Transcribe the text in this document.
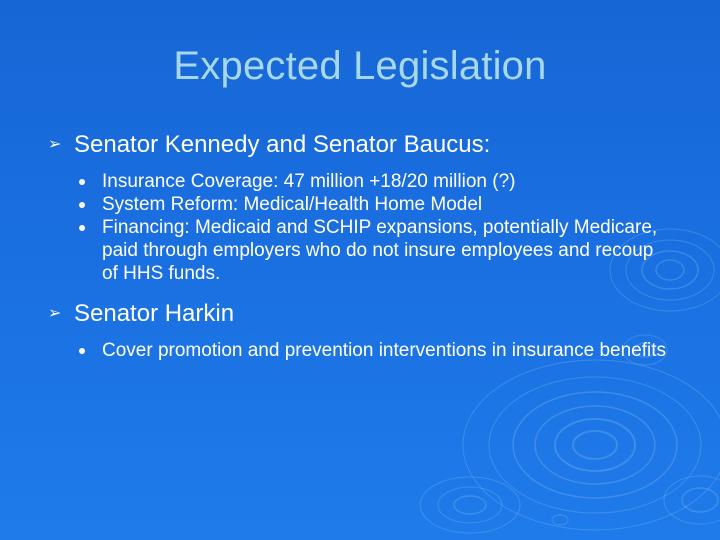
Expected Legislation
➢ Senator Kennedy and Senator Baucus:
Insurance Coverage: 47 million +18/20 million (?)
System Reform: Medical/Health Home Model
Financing: Medicaid and SCHIP expansions, potentially Medicare, paid through employers who do not insure employees and recoup of HHS funds.
➢ Senator Harkin
Cover promotion and prevention interventions in insurance benefits
